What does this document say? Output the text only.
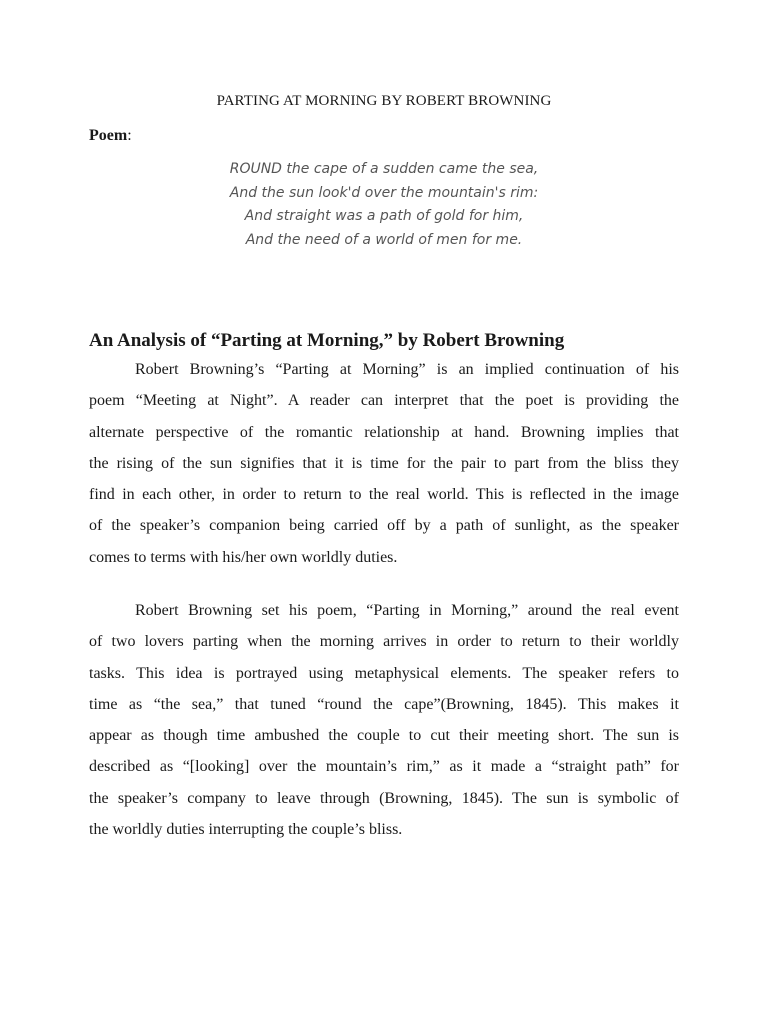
PARTING AT MORNING BY ROBERT BROWNING

Poem:

ROUND the cape of a sudden came the sea,
And the sun look'd over the mountain's rim:
And straight was a path of gold for him,
And the need of a world of men for me.
An Analysis of “Parting at Morning,” by Robert Browning
Robert Browning’s “Parting at Morning” is an implied continuation of his
poem “Meeting at Night”. A reader can interpret that the poet is providing the
alternate perspective of the romantic relationship at hand. Browning implies that
the rising of the sun signifies that it is time for the pair to part from the bliss they
find in each other, in order to return to the real world. This is reflected in the image
of the speaker’s companion being carried off by a path of sunlight, as the speaker
comes to terms with his/her own worldly duties.
Robert Browning set his poem, “Parting in Morning,” around the real event
of two lovers parting when the morning arrives in order to return to their worldly
tasks. This idea is portrayed using metaphysical elements. The speaker refers to
time as “the sea,” that tuned “round the cape”(Browning, 1845). This makes it
appear as though time ambushed the couple to cut their meeting short. The sun is
described as “[looking] over the mountain’s rim,” as it made a “straight path” for
the speaker’s company to leave through (Browning, 1845). The sun is symbolic of
the worldly duties interrupting the couple’s bliss.
